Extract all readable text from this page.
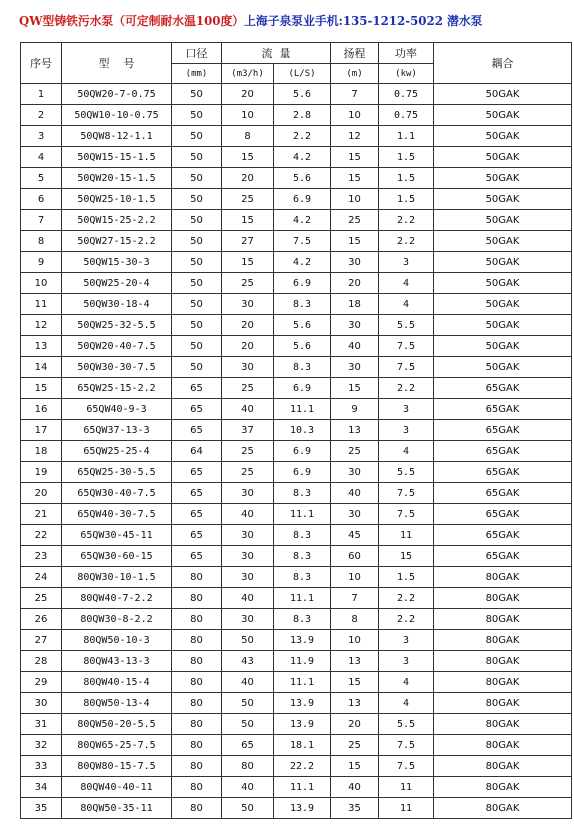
QW型铸铁污水泵（可定制耐水温100度）上海子泉泵业手机:135-1212-5022 潜水泵
序号	型    号	口径	流  量		扬程	功率	耦合
		(mm)	(m3/h)	(L/S)	(m)	(kw)	
1	50QW20-7-0.75	50	20	5.6	7	0.75	50GAK
2	50QW10-10-0.75	50	10	2.8	10	0.75	50GAK
3	50QW8-12-1.1	50	8	2.2	12	1.1	50GAK
4	50QW15-15-1.5	50	15	4.2	15	1.5	50GAK
5	50QW20-15-1.5	50	20	5.6	15	1.5	50GAK
6	50QW25-10-1.5	50	25	6.9	10	1.5	50GAK
7	50QW15-25-2.2	50	15	4.2	25	2.2	50GAK
8	50QW27-15-2.2	50	27	7.5	15	2.2	50GAK
9	50QW15-30-3	50	15	4.2	30	3	50GAK
10	50QW25-20-4	50	25	6.9	20	4	50GAK
11	50QW30-18-4	50	30	8.3	18	4	50GAK
12	50QW25-32-5.5	50	20	5.6	30	5.5	50GAK
13	50QW20-40-7.5	50	20	5.6	40	7.5	50GAK
14	50QW30-30-7.5	50	30	8.3	30	7.5	50GAK
15	65QW25-15-2.2	65	25	6.9	15	2.2	65GAK
16	65QW40-9-3	65	40	11.1	9	3	65GAK
17	65QW37-13-3	65	37	10.3	13	3	65GAK
18	65QW25-25-4	64	25	6.9	25	4	65GAK
19	65QW25-30-5.5	65	25	6.9	30	5.5	65GAK
20	65QW30-40-7.5	65	30	8.3	40	7.5	65GAK
21	65QW40-30-7.5	65	40	11.1	30	7.5	65GAK
22	65QW30-45-11	65	30	8.3	45	11	65GAK
23	65QW30-60-15	65	30	8.3	60	15	65GAK
24	80QW30-10-1.5	80	30	8.3	10	1.5	80GAK
25	80QW40-7-2.2	80	40	11.1	7	2.2	80GAK
26	80QW30-8-2.2	80	30	8.3	8	2.2	80GAK
27	80QW50-10-3	80	50	13.9	10	3	80GAK
28	80QW43-13-3	80	43	11.9	13	3	80GAK
29	80QW40-15-4	80	40	11.1	15	4	80GAK
30	80QW50-13-4	80	50	13.9	13	4	80GAK
31	80QW50-20-5.5	80	50	13.9	20	5.5	80GAK
32	80QW65-25-7.5	80	65	18.1	25	7.5	80GAK
33	80QW80-15-7.5	80	80	22.2	15	7.5	80GAK
34	80QW40-40-11	80	40	11.1	40	11	80GAK
35	80QW50-35-11	80	50	13.9	35	11	80GAK
